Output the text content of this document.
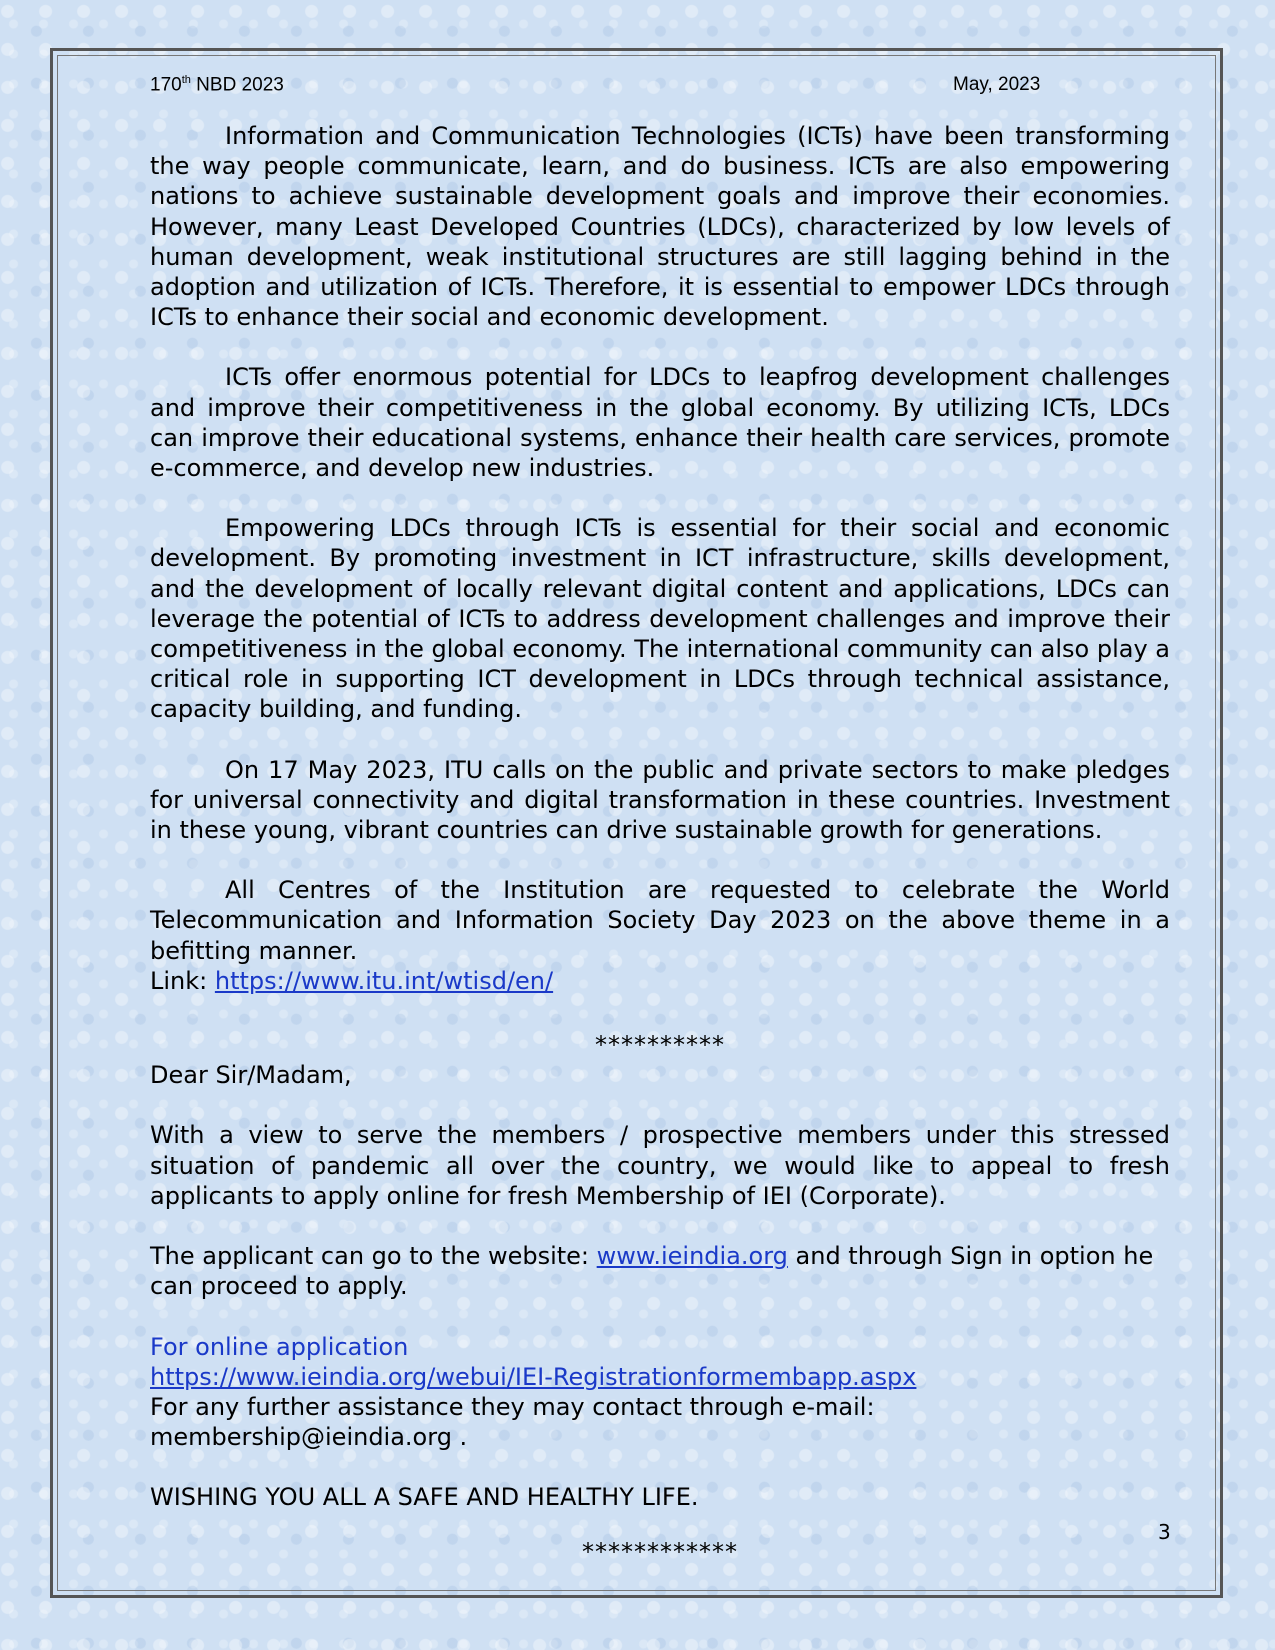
170th NBD 2023	May, 2023

Information and Communication Technologies (ICTs) have been transforming the way people communicate, learn, and do business. ICTs are also empowering nations to achieve sustainable development goals and improve their economies. However, many Least Developed Countries (LDCs), characterized by low levels of human development, weak institutional structures are still lagging behind in the adoption and utilization of ICTs. Therefore, it is essential to empower LDCs through ICTs to enhance their social and economic development.

ICTs offer enormous potential for LDCs to leapfrog development challenges and improve their competitiveness in the global economy. By utilizing ICTs, LDCs can improve their educational systems, enhance their health care services, promote e-commerce, and develop new industries.

Empowering LDCs through ICTs is essential for their social and economic development. By promoting investment in ICT infrastructure, skills development, and the development of locally relevant digital content and applications, LDCs can leverage the potential of ICTs to address development challenges and improve their competitiveness in the global economy. The international community can also play a critical role in supporting ICT development in LDCs through technical assistance, capacity building, and funding.

On 17 May 2023, ITU calls on the public and private sectors to make pledges for universal connectivity and digital transformation in these countries. Investment in these young, vibrant countries can drive sustainable growth for generations.

All Centres of the Institution are requested to celebrate the World Telecommunication and Information Society Day 2023 on the above theme in a befitting manner.

Link: https://www.itu.int/wtisd/en/

**********

Dear Sir/Madam,

With a view to serve the members / prospective members under this stressed situation of pandemic all over the country, we would like to appeal to fresh applicants to apply online for fresh Membership of IEI (Corporate).

The applicant can go to the website: www.ieindia.org and through Sign in option he can proceed to apply.

For online application

https://www.ieindia.org/webui/IEI-Registrationformembapp.aspx

For any further assistance they may contact through e-mail: membership@ieindia.org .

WISHING YOU ALL A SAFE AND HEALTHY LIFE.

************

3
